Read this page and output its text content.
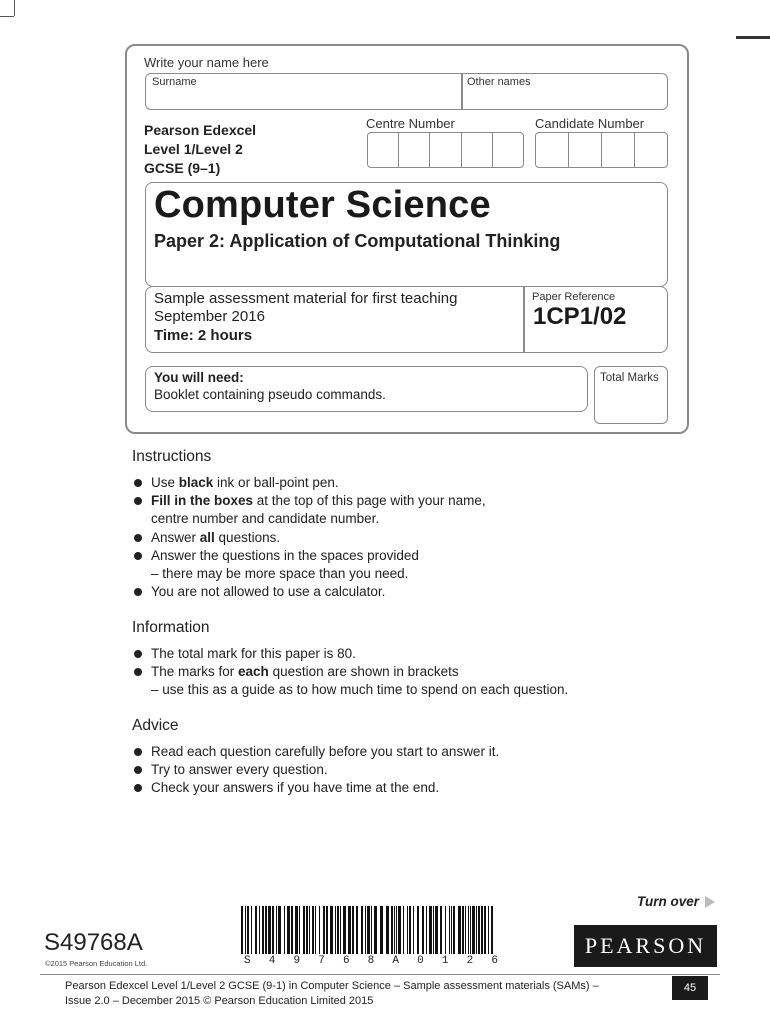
Write your name here
Surname	Other names
Pearson Edexcel
Level 1/Level 2
GCSE (9–1)
Centre Number	Candidate Number
Computer Science
Paper 2: Application of Computational Thinking
Sample assessment material for first teaching
September 2016
Time: 2 hours
Paper Reference
1CP1/02
You will need:
Booklet containing pseudo commands.
Total Marks
Instructions
Use black ink or ball-point pen.
Fill in the boxes at the top of this page with your name,
centre number and candidate number.
Answer all questions.
Answer the questions in the spaces provided
– there may be more space than you need.
You are not allowed to use a calculator.
Information
The total mark for this paper is 80.
The marks for each question are shown in brackets
– use this as a guide as to how much time to spend on each question.
Advice
Read each question carefully before you start to answer it.
Try to answer every question.
Check your answers if you have time at the end.
Turn over
S49768A
©2015 Pearson Education Ltd.	S 4 9 7 6 8 A 0 1 2 6
PEARSON
Pearson Edexcel Level 1/Level 2 GCSE (9-1) in Computer Science – Sample assessment materials (SAMs) –
Issue 2.0 – December 2015 © Pearson Education Limited 2015
45
